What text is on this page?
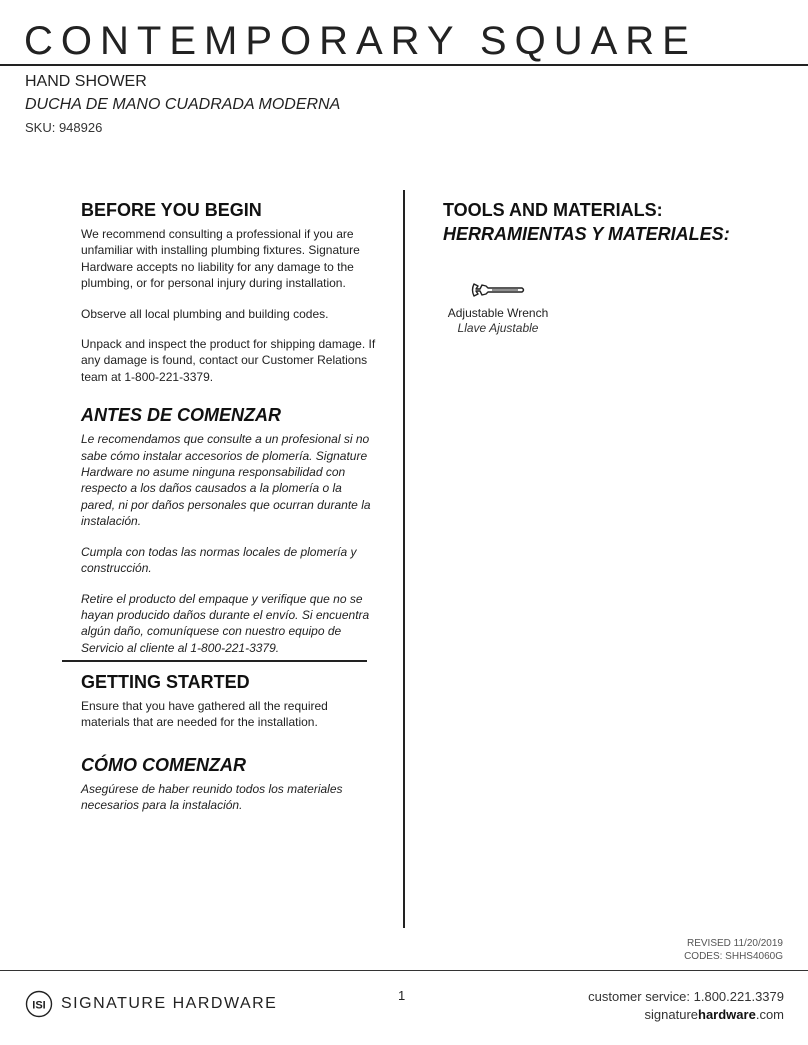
CONTEMPORARY SQUARE
HAND SHOWER
DUCHA DE MANO CUADRADA MODERNA
SKU: 948926
BEFORE YOU BEGIN

We recommend consulting a professional if you are unfamiliar with installing plumbing fixtures. Signature Hardware accepts no liability for any damage to the plumbing, or for personal injury during installation.

Observe all local plumbing and building codes.

Unpack and inspect the product for shipping damage. If any damage is found, contact our Customer Relations team at 1-800-221-3379.

ANTES DE COMENZAR

Le recomendamos que consulte a un profesional si no sabe cómo instalar accesorios de plomería. Signature Hardware no asume ninguna responsabilidad con respecto a los daños causados a la plomería o la pared, ni por daños personales que ocurran durante la instalación.

Cumpla con todas las normas locales de plomería y construcción.

Retire el producto del empaque y verifique que no se hayan producido daños durante el envío. Si encuentra algún daño, comuníquese con nuestro equipo de Servicio al cliente al 1-800-221-3379.

GETTING STARTED

Ensure that you have gathered all the required materials that are needed for the installation.

CÓMO COMENZAR

Asegúrese de haber reunido todos los materiales necesarios para la instalación.

TOOLS AND MATERIALS:
HERRAMIENTAS Y MATERIALES:
Adjustable Wrench
Llave Ajustable
REVISED 11/20/2019
CODES: SHHS4060G
ISI SIGNATURE HARDWARE	1	customer service: 1.800.221.3379
signaturehardware.com
